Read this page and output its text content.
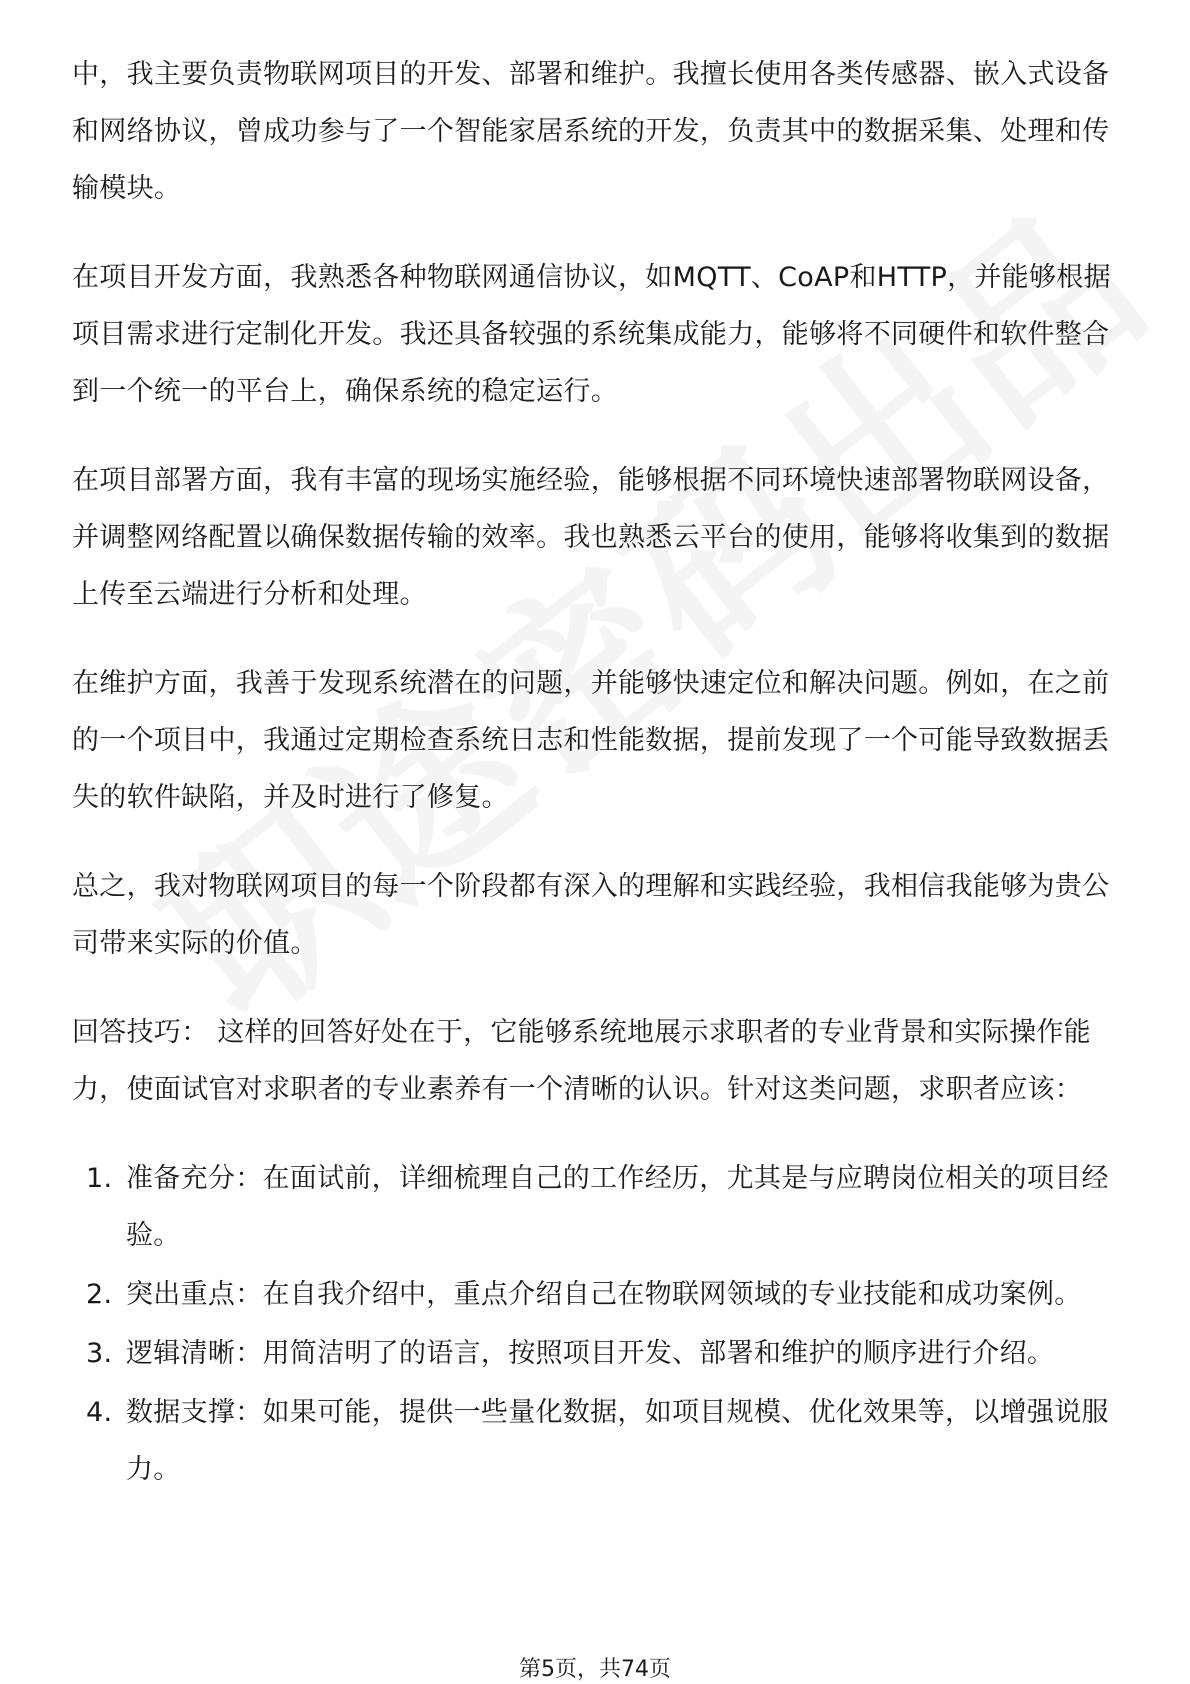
中，我主要负责物联网项目的开发、部署和维护。我擅长使用各类传感器、嵌入式设备和网络协议，曾成功参与了一个智能家居系统的开发，负责其中的数据采集、处理和传输模块。

在项目开发方面，我熟悉各种物联网通信协议，如MQTT、CoAP和HTTP，并能够根据项目需求进行定制化开发。我还具备较强的系统集成能力，能够将不同硬件和软件整合到一个统一的平台上，确保系统的稳定运行。

在项目部署方面，我有丰富的现场实施经验，能够根据不同环境快速部署物联网设备，并调整网络配置以确保数据传输的效率。我也熟悉云平台的使用，能够将收集到的数据上传至云端进行分析和处理。

在维护方面，我善于发现系统潜在的问题，并能够快速定位和解决问题。例如，在之前的一个项目中，我通过定期检查系统日志和性能数据，提前发现了一个可能导致数据丢失的软件缺陷，并及时进行了修复。

总之，我对物联网项目的每一个阶段都有深入的理解和实践经验，我相信我能够为贵公司带来实际的价值。

回答技巧： 这样的回答好处在于，它能够系统地展示求职者的专业背景和实际操作能力，使面试官对求职者的专业素养有一个清晰的认识。针对这类问题，求职者应该：

1. 准备充分：在面试前，详细梳理自己的工作经历，尤其是与应聘岗位相关的项目经验。
2. 突出重点：在自我介绍中，重点介绍自己在物联网领域的专业技能和成功案例。
3. 逻辑清晰：用简洁明了的语言，按照项目开发、部署和维护的顺序进行介绍。
4. 数据支撑：如果可能，提供一些量化数据，如项目规模、优化效果等，以增强说服力。
第5页，共74页
